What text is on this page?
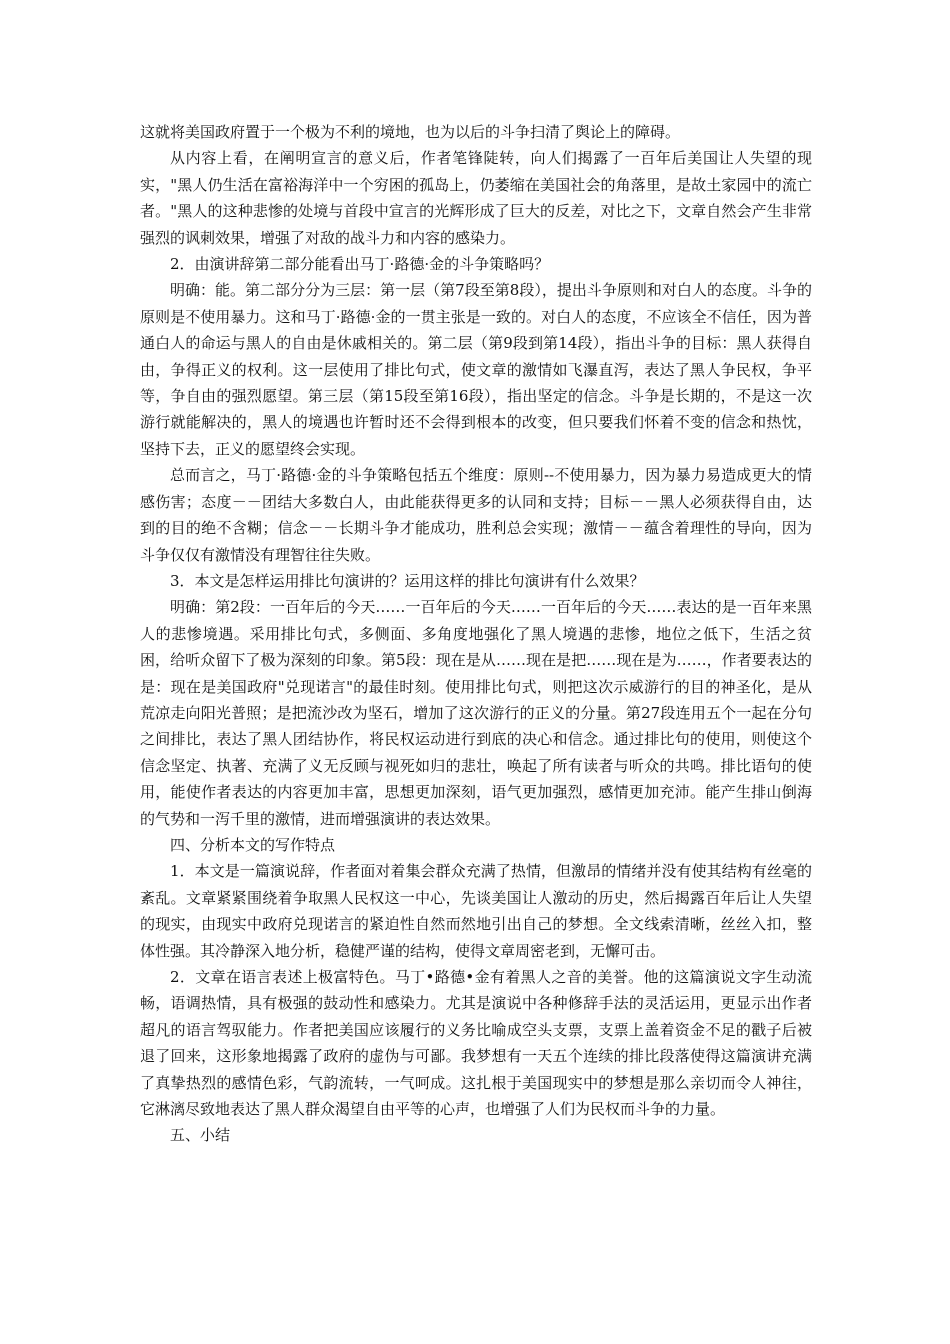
这就将美国政府置于一个极为不利的境地，也为以后的斗争扫清了舆论上的障碍。

从内容上看，在阐明宣言的意义后，作者笔锋陡转，向人们揭露了一百年后美国让人失望的现实，"黑人仍生活在富裕海洋中一个穷困的孤岛上，仍萎缩在美国社会的角落里，是故土家园中的流亡者。"黑人的这种悲惨的处境与首段中宣言的光辉形成了巨大的反差，对比之下，文章自然会产生非常强烈的讽刺效果，增强了对敌的战斗力和内容的感染力。

2．由演讲辞第二部分能看出马丁·路德·金的斗争策略吗？

明确：能。第二部分分为三层：第一层（第7段至第8段），提出斗争原则和对白人的态度。斗争的原则是不使用暴力。这和马丁·路德·金的一贯主张是一致的。对白人的态度，不应该全不信任，因为普通白人的命运与黑人的自由是休戚相关的。第二层（第9段到第14段），指出斗争的目标：黑人获得自由，争得正义的权利。这一层使用了排比句式，使文章的激情如飞瀑直泻，表达了黑人争民权，争平等，争自由的强烈愿望。第三层（第15段至第16段），指出坚定的信念。斗争是长期的，不是这一次游行就能解决的，黑人的境遇也许暂时还不会得到根本的改变，但只要我们怀着不变的信念和热忱，坚持下去，正义的愿望终会实现。

总而言之，马丁·路德·金的斗争策略包括五个维度：原则--不使用暴力，因为暴力易造成更大的情感伤害；态度－－团结大多数白人，由此能获得更多的认同和支持；目标－－黑人必须获得自由，达到的目的绝不含糊；信念－－长期斗争才能成功，胜利总会实现；激情－－蕴含着理性的导向，因为斗争仅仅有激情没有理智往往失败。

3．本文是怎样运用排比句演讲的？运用这样的排比句演讲有什么效果？

明确：第2段：一百年后的今天……一百年后的今天……一百年后的今天……表达的是一百年来黑人的悲惨境遇。采用排比句式，多侧面、多角度地强化了黑人境遇的悲惨，地位之低下，生活之贫困，给听众留下了极为深刻的印象。第5段：现在是从……现在是把……现在是为……，作者要表达的是：现在是美国政府"兑现诺言"的最佳时刻。使用排比句式，则把这次示威游行的目的神圣化，是从荒凉走向阳光普照；是把流沙改为坚石，增加了这次游行的正义的分量。第27段连用五个一起在分句之间排比，表达了黑人团结协作，将民权运动进行到底的决心和信念。通过排比句的使用，则使这个信念坚定、执著、充满了义无反顾与视死如归的悲壮，唤起了所有读者与听众的共鸣。排比语句的使用，能使作者表达的内容更加丰富，思想更加深刻，语气更加强烈，感情更加充沛。能产生排山倒海的气势和一泻千里的激情，进而增强演讲的表达效果。

四、分析本文的写作特点

1．本文是一篇演说辞，作者面对着集会群众充满了热情，但激昂的情绪并没有使其结构有丝毫的紊乱。文章紧紧围绕着争取黑人民权这一中心，先谈美国让人激动的历史，然后揭露百年后让人失望的现实，由现实中政府兑现诺言的紧迫性自然而然地引出自己的梦想。全文线索清晰，丝丝入扣，整体性强。其冷静深入地分析，稳健严谨的结构，使得文章周密老到，无懈可击。

2．文章在语言表述上极富特色。马丁•路德•金有着黑人之音的美誉。他的这篇演说文字生动流畅，语调热情，具有极强的鼓动性和感染力。尤其是演说中各种修辞手法的灵活运用，更显示出作者超凡的语言驾驭能力。作者把美国应该履行的义务比喻成空头支票，支票上盖着资金不足的戳子后被退了回来，这形象地揭露了政府的虚伪与可鄙。我梦想有一天五个连续的排比段落使得这篇演讲充满了真挚热烈的感情色彩，气韵流转，一气呵成。这扎根于美国现实中的梦想是那么亲切而令人神往，它淋漓尽致地表达了黑人群众渴望自由平等的心声，也增强了人们为民权而斗争的力量。

五、小结
